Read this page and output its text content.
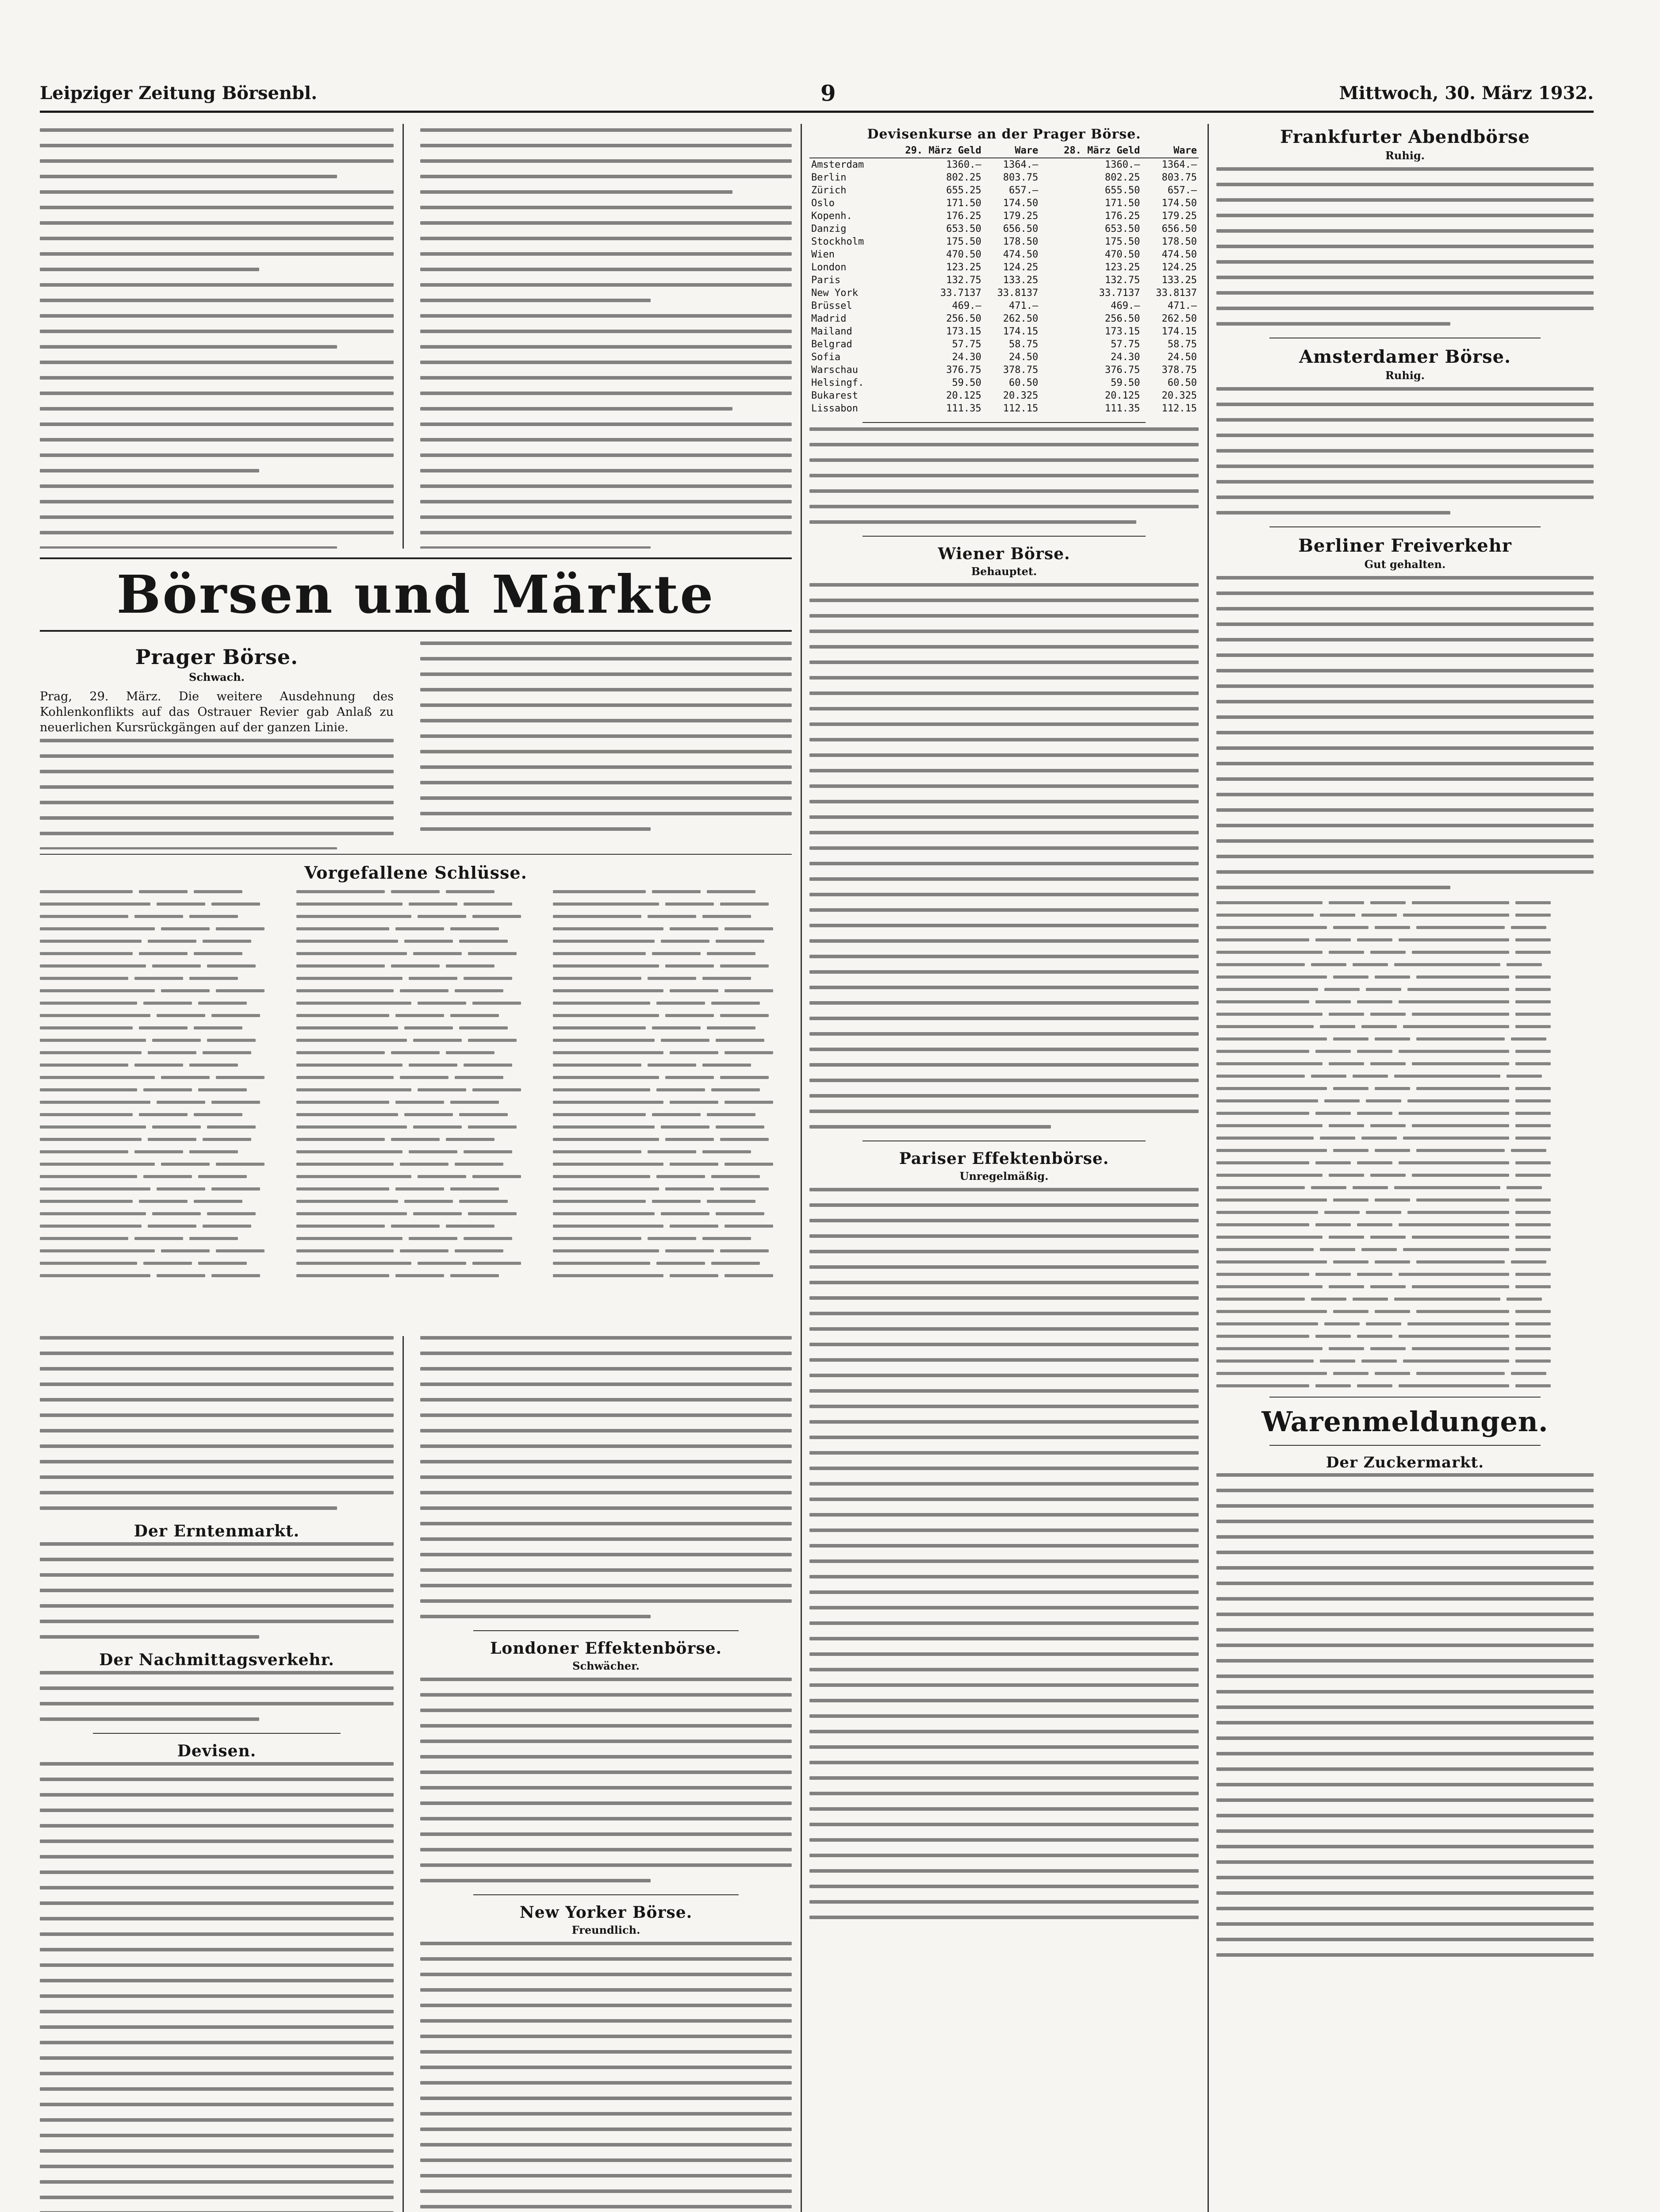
Leipziger Zeitung Börsenbl.	9	Mittwoch, 30. März 1932.
Börsen und Märkte
Prager Börse.
Schwach.

Prag, 29. März. Die weitere Ausdehnung des Kohlenkonflikts auf das Ostrauer Revier gab Anlaß zu neuerlichen Kursrückgängen auf der ganzen Linie.

Vorgefallene Schlüsse.
Der Erntenmarkt.
Der Nachmittagsverkehr.
Devisen.
Londoner Effektenbörse.
Schwächer.
New Yorker Börse.
Freundlich.
Devisenkurse an der Prager Börse.
	29. März Geld	Ware	28. März Geld	Ware
Amsterdam	1360.—	1364.—	1360.—	1364.—
Berlin	802.25	803.75	802.25	803.75
Zürich	655.25	657.—	655.50	657.—
Oslo	171.50	174.50	171.50	174.50
Kopenh.	176.25	179.25	176.25	179.25
Danzig	653.50	656.50	653.50	656.50
Stockholm	175.50	178.50	175.50	178.50
Wien	470.50	474.50	470.50	474.50
London	123.25	124.25	123.25	124.25
Paris	132.75	133.25	132.75	133.25
New York	33.7137	33.8137	33.7137	33.8137
Brüssel	469.—	471.—	469.—	471.—
Madrid	256.50	262.50	256.50	262.50
Mailand	173.15	174.15	173.15	174.15
Belgrad	57.75	58.75	57.75	58.75
Sofia	24.30	24.50	24.30	24.50
Warschau	376.75	378.75	376.75	378.75
Helsingf.	59.50	60.50	59.50	60.50
Bukarest	20.125	20.325	20.125	20.325
Lissabon	111.35	112.15	111.35	112.15
Wiener Börse.
Behauptet.
Pariser Effektenbörse.
Unregelmäßig.
Frankfurter Abendbörse
Ruhig.
Amsterdamer Börse.
Ruhig.
Berliner Freiverkehr
Gut gehalten.
Warenmeldungen.
Der Zuckermarkt.
